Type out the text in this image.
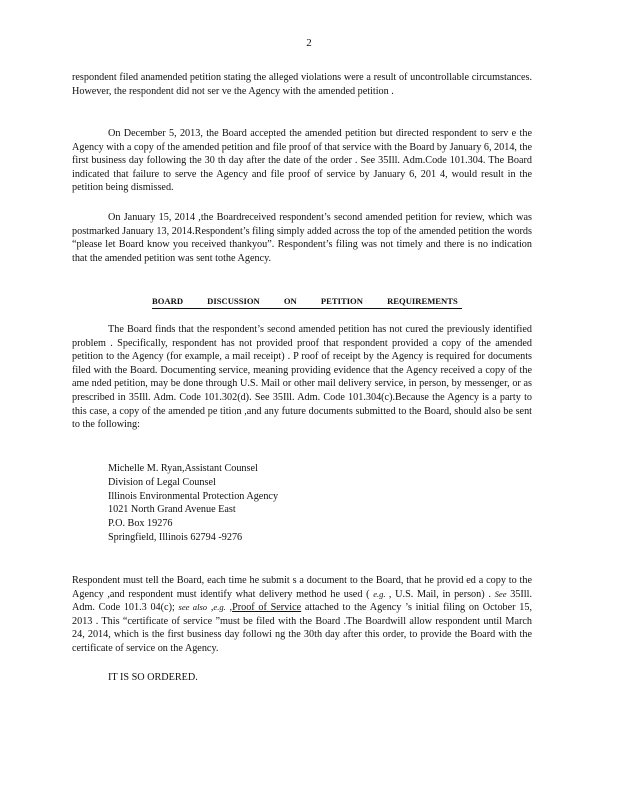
2

respondent filed anamended petition stating the alleged violations were a result of uncontrollable circumstances. However, the respondent did not ser ve the Agency with the amended petition .

On December 5, 2013, the Board accepted the amended petition but directed respondent to serv e the Agency with a copy of the amended petition and file proof of that service with the Board by January 6, 2014, the first business day following the 30 th day after the date of the order . See 35Ill. Adm.Code 101.304. The Board indicated that failure to serve the Agency and file proof of service by January 6, 201 4, would result in the petition being dismissed.

On January 15, 2014 ,the Boardreceived respondent’s second amended petition for review, which was postmarked January 13, 2014.Respondent’s filing simply added across the top of the amended petition the words “please let Board know you received thankyou”. Respondent’s filing was not timely and there is no indication that the amended petition was sent tothe Agency.

BOARD DISCUSSION ON PETITION REQUIREMENTS

The Board finds that the respondent’s second amended petition has not cured the previously identified problem . Specifically, respondent has not provided proof that respondent provided a copy of the amended petition to the Agency (for example, a mail receipt) . P roof of receipt by the Agency is required for documents filed with the Board. Documenting service, meaning providing evidence that the Agency received a copy of the ame nded petition, may be done through U.S. Mail or other mail delivery service, in person, by messenger, or as prescribed in 35Ill. Adm. Code 101.302(d). See 35Ill. Adm. Code 101.304(c).Because the Agency is a party to this case, a copy of the amended pe tition ,and any future documents submitted to the Board, should also be sent to the following:

Michelle M. Ryan,Assistant Counsel
Division of Legal Counsel
Illinois Environmental Protection Agency
1021 North Grand Avenue East
P.O. Box 19276
Springfield, Illinois 62794 -9276

Respondent must tell the Board, each time he submit s a document to the Board, that he provid ed a copy to the Agency ,and respondent must identify what delivery method he used ( e.g. , U.S. Mail, in person) . See 35Ill. Adm. Code 101.3 04(c); see also ,e.g. ,Proof of Service attached to the Agency ’s initial filing on October 15, 2013 . This “certificate of service ”must be filed with the Board .The Boardwill allow respondent until March 24, 2014, which is the first business day followi ng the 30th day after this order, to provide the Board with the certificate of service on the Agency.

IT IS SO ORDERED.
